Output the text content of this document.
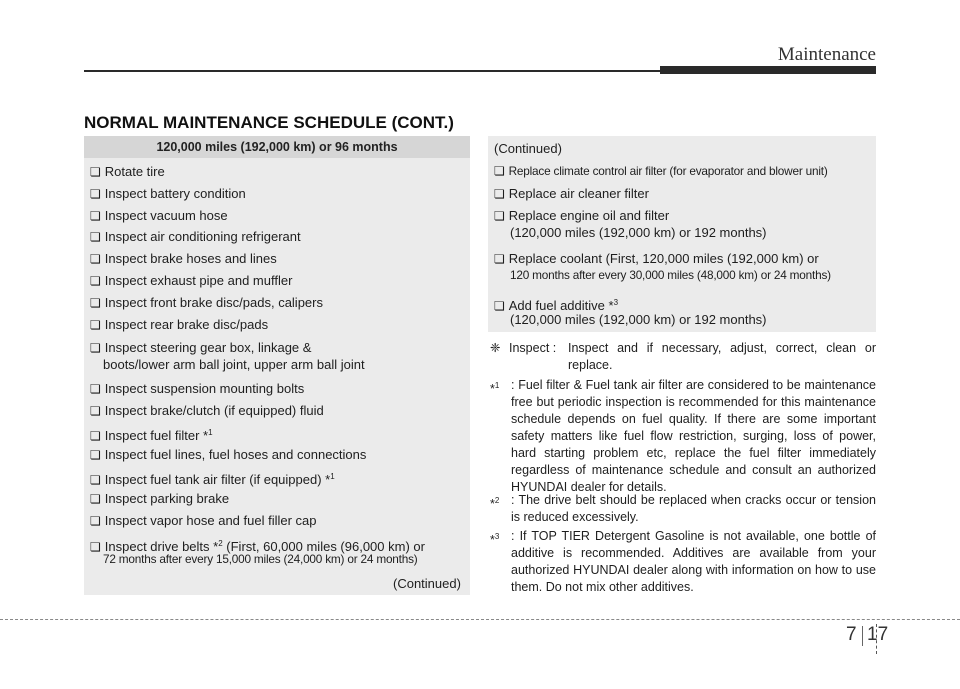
Maintenance
NORMAL MAINTENANCE SCHEDULE (CONT.)
120,000 miles (192,000 km) or 96 months
❏ Rotate tire
❏ Inspect battery condition
❏ Inspect vacuum hose
❏ Inspect air conditioning refrigerant
❏ Inspect brake hoses and lines
❏ Inspect exhaust pipe and muffler
❏ Inspect front brake disc/pads, calipers
❏ Inspect rear brake disc/pads
❏ Inspect steering gear box, linkage &
❏ Inspect suspension mounting bolts
❏ Inspect brake/clutch (if equipped) fluid
❏ Inspect fuel filter *$^1$
❏ Inspect fuel lines, fuel hoses and connections
❏ Inspect fuel tank air filter (if equipped) *$^1$
❏ Inspect parking brake
❏ Inspect vapor hose and fuel filler cap
❏ Inspect drive belts *$^2$ (First, 60,000 miles (96,000 km) or
boots/lower arm ball joint, upper arm ball joint
72 months after every 15,000 miles (24,000 km) or 24 months)
(Continued)
(Continued)
❏ Replace climate control air filter (for evaporator and blower unit)
❏ Replace air cleaner filter
❏ Replace engine oil and filter
(120,000 miles (192,000 km) or 192 months)
❏ Replace coolant (First, 120,000 miles (192,000 km) or
120 months after every 30,000 miles (48,000 km) or 24 months)
❏ Add fuel additive *$^3$
(120,000 miles (192,000 km) or 192 months)
❈ Inspect : Inspect and if necessary, adjust, correct, clean or replace.
*$^1$ : Fuel filter & Fuel tank air filter are considered to be maintenance free but periodic inspection is recommended for this maintenance schedule depends on fuel quality. If there are some important safety matters like fuel flow restriction, surging, loss of power, hard starting problem etc, replace the fuel filter immediately regardless of maintenance schedule and consult an authorized HYUNDAI dealer for details.
*$^2$ : The drive belt should be replaced when cracks occur or tension is reduced excessively.
*$^3$ : If TOP TIER Detergent Gasoline is not available, one bottle of additive is recommended. Additives are available from your authorized HYUNDAI dealer along with information on how to use them. Do not mix other additives.
7 17
